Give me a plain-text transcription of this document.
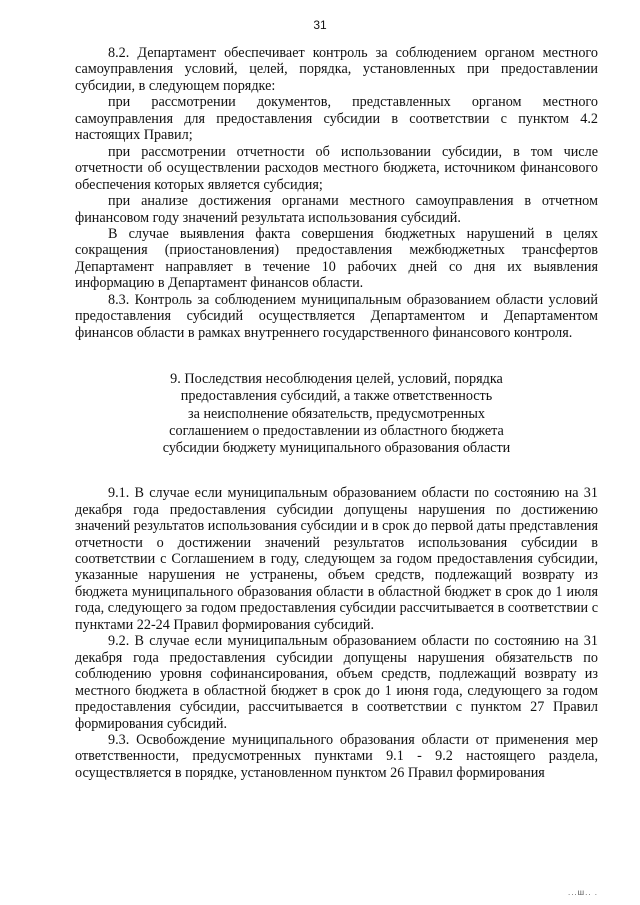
31

8.2. Департамент обеспечивает контроль за соблюдением органом местного самоуправления условий, целей, порядка, установленных при предоставлении субсидии, в следующем порядке:

при рассмотрении документов, представленных органом местного самоуправления для предоставления субсидии в соответствии с пунктом 4.2 настоящих Правил;

при рассмотрении отчетности об использовании субсидии, в том числе отчетности об осуществлении расходов местного бюджета, источником финансового обеспечения которых является субсидия;

при анализе достижения органами местного самоуправления в отчетном финансовом году значений результата использования субсидий.

В случае выявления факта совершения бюджетных нарушений в целях сокращения (приостановления) предоставления межбюджетных трансфертов Департамент направляет в течение 10 рабочих дней со дня их выявления информацию в Департамент финансов области.

8.3. Контроль за соблюдением муниципальным образованием области условий предоставления субсидий осуществляется Департаментом и Департаментом финансов области в рамках внутреннего государственного финансового контроля.

9. Последствия несоблюдения целей, условий, порядка
предоставления субсидий, а также ответственность
за неисполнение обязательств, предусмотренных
соглашением о предоставлении из областного бюджета
субсидии бюджету муниципального образования области

9.1. В случае если муниципальным образованием области по состоянию на 31 декабря года предоставления субсидии допущены нарушения по достижению значений результатов использования субсидии и в срок до первой даты представления отчетности о достижении значений результатов использования субсидии в соответствии с Соглашением в году, следующем за годом предоставления субсидии, указанные нарушения не устранены, объем средств, подлежащий возврату из бюджета муниципального образования области в областной бюджет в срок до 1 июля года, следующего за годом предоставления субсидии рассчитывается в соответствии с пунктами 22-24 Правил формирования субсидий.

9.2. В случае если муниципальным образованием области по состоянию на 31 декабря года предоставления субсидии допущены нарушения обязательств по соблюдению уровня софинансирования, объем средств, подлежащий возврату из местного бюджета в областной бюджет в срок до 1 июня года, следующего за годом предоставления субсидии, рассчитывается в соответствии с пунктом 27 Правил формирования субсидий.

9.3. Освобождение муниципального образования области от применения мер ответственности, предусмотренных пунктами 9.1 - 9.2 настоящего раздела, осуществляется в порядке, установленном пунктом 26 Правил формирования

...ш.. .
